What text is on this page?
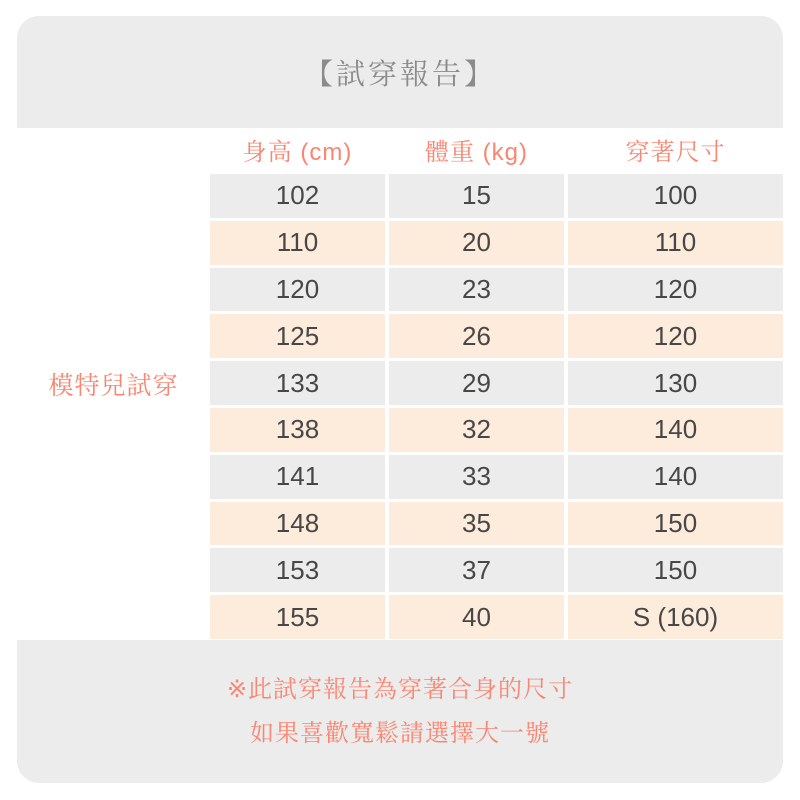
【試穿報告】
模特兒試穿
身高 (cm)	體重 (kg)	穿著尺寸
102	15	100
110	20	110
120	23	120
125	26	120
133	29	130
138	32	140
141	33	140
148	35	150
153	37	150
155	40	S (160)
※此試穿報告為穿著合身的尺寸
如果喜歡寬鬆請選擇大一號
